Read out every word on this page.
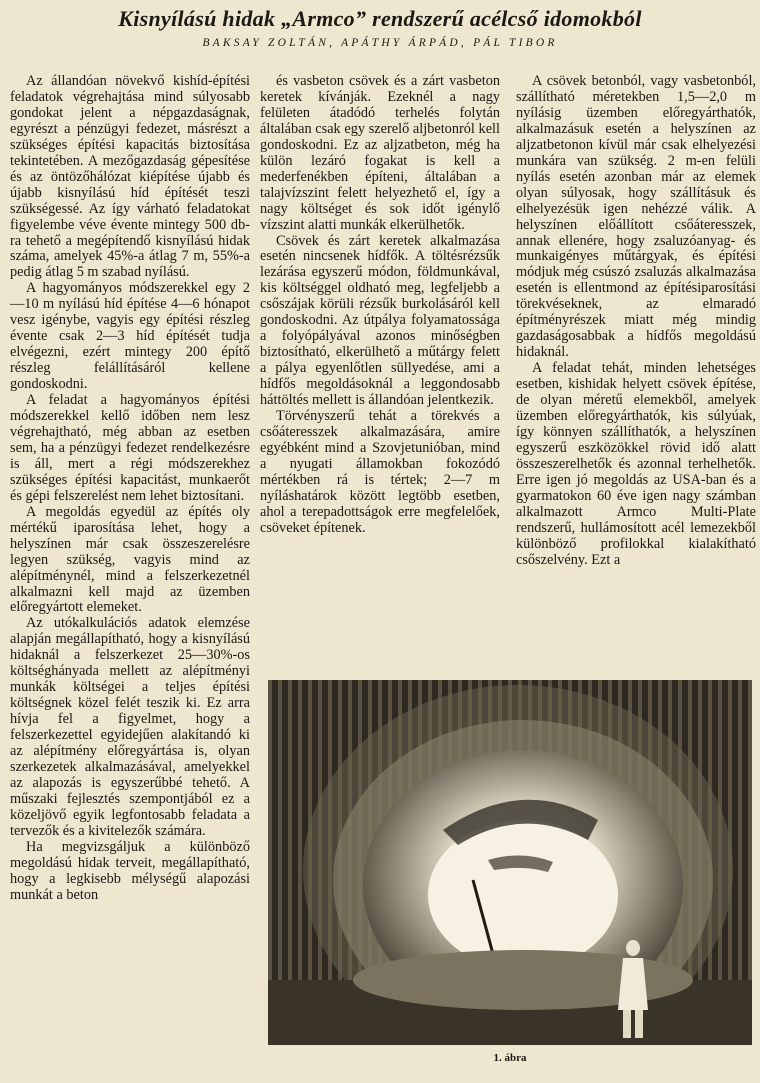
Kisnyílású hidak „Armco” rendszerű acélcső idomokból
BAKSAY ZOLTÁN, APÁTHY ÁRPÁD, PÁL TIBOR

Az állandóan növekvő kishíd-építési feladatok végrehajtása mind súlyosabb gondokat jelent a népgazdaságnak, egyrészt a pénzügyi fedezet, másrészt a szükséges építési kapacitás biztosítása tekintetében. A mezőgazdaság gépesítése és az öntözőhálózat kiépítése újabb és újabb kisnyílású híd építését teszi szükségessé. Az így várható feladatokat figyelembe véve évente mintegy 500 db-ra tehető a megépítendő kisnyílású hidak száma, amelyek 45%-a átlag 7 m, 55%-a pedig átlag 5 m szabad nyílású.

A hagyományos módszerekkel egy 2—10 m nyílású híd építése 4—6 hónapot vesz igénybe, vagyis egy építési részleg évente csak 2—3 híd építését tudja elvégezni, ezért mintegy 200 építő részleg felállításáról kellene gondoskodni.

A feladat a hagyományos építési módszerekkel kellő időben nem lesz végrehajtható, még abban az esetben sem, ha a pénzügyi fedezet rendelkezésre is áll, mert a régi módszerekhez szükséges építési kapacitást, munkaerőt és gépi felszerelést nem lehet biztosítani.

A megoldás egyedül az építés oly mértékű iparosítása lehet, hogy a helyszínen már csak összeszerelésre legyen szükség, vagyis mind az alépítménynél, mind a felszerkezetnél alkalmazni kell majd az üzemben előregyártott elemeket.

Az utókalkulációs adatok elemzése alapján megállapítható, hogy a kisnyílású hidaknál a felszerkezet 25—30%-os költséghányada mellett az alépítményi munkák költségei a teljes építési költségnek közel felét teszik ki. Ez arra hívja fel a figyelmet, hogy a felszerkezettel egyidejűen alakítandó ki az alépítmény előregyártása is, olyan szerkezetek alkalmazásával, amelyekkel az alapozás is egyszerűbbé tehető. A műszaki fejlesztés szempontjából ez a közeljövő egyik legfontosabb feladata a tervezők és a kivitelezők számára.

Ha megvizsgáljuk a különböző megoldású hidak terveit, megállapítható, hogy a legkisebb mélységű alapozási munkát a beton

és vasbeton csövek és a zárt vasbeton keretek kívánják. Ezeknél a nagy felületen átadódó terhelés folytán általában csak egy szerelő aljbetonról kell gondoskodni. Ez az aljzatbeton, még ha külön lezáró fogakat is kell a mederfenékben építeni, általában a talajvízszint felett helyezhető el, így a nagy költséget és sok időt igénylő vízszint alatti munkák elkerülhetők.

Csövek és zárt keretek alkalmazása esetén nincsenek hídfők. A töltésrézsűk lezárása egyszerű módon, földmunkával, kis költséggel oldható meg, legfeljebb a csőszájak körüli rézsűk burkolásáról kell gondoskodni. Az útpálya folyamatossága a folyópályával azonos minőségben biztosítható, elkerülhető a műtárgy felett a pálya egyenlőtlen süllyedése, ami a hídfős megoldásoknál a leggondosabb háttöltés mellett is állandóan jelentkezik.

Törvényszerű tehát a törekvés a csőáteresszek alkalmazására, amire egyébként mind a Szovjetunióban, mind a nyugati államokban fokozódó mértékben rá is tértek; 2—7 m nyíláshatárok között legtöbb esetben, ahol a terepadottságok erre megfelelőek, csöveket építenek.

A csövek betonból, vagy vasbetonból, szállítható méretekben 1,5—2,0 m nyílásig üzemben előregyárthatók, alkalmazásuk esetén a helyszínen az aljzatbetonon kívül már csak elhelyezési munkára van szükség. 2 m-en felüli nyílás esetén azonban már az elemek olyan súlyosak, hogy szállításuk és elhelyezésük igen nehézzé válik. A helyszínen előállított csőáteresszek, annak ellenére, hogy zsaluzóanyag- és munkaigényes műtárgyak, és építési módjuk még csúszó zsaluzás alkalmazása esetén is ellentmond az építésiparosítási törekvéseknek, az elmaradó építményrészek miatt még mindig gazdaságosabbak a hídfős megoldású hidaknál.

A feladat tehát, minden lehetséges esetben, kishidak helyett csövek építése, de olyan méretű elemekből, amelyek üzemben előregyárthatók, kis súlyúak, így könnyen szállíthatók, a helyszínen egyszerű eszközökkel rövid idő alatt összeszerelhetők és azonnal terhelhetők. Erre igen jó megoldás az USA-ban és a gyarmatokon 60 éve igen nagy számban alkalmazott Armco Multi-Plate rendszerű, hullámosított acél lemezekből különböző profilokkal kialakítható csőszelvény. Ezt a

1. ábra
